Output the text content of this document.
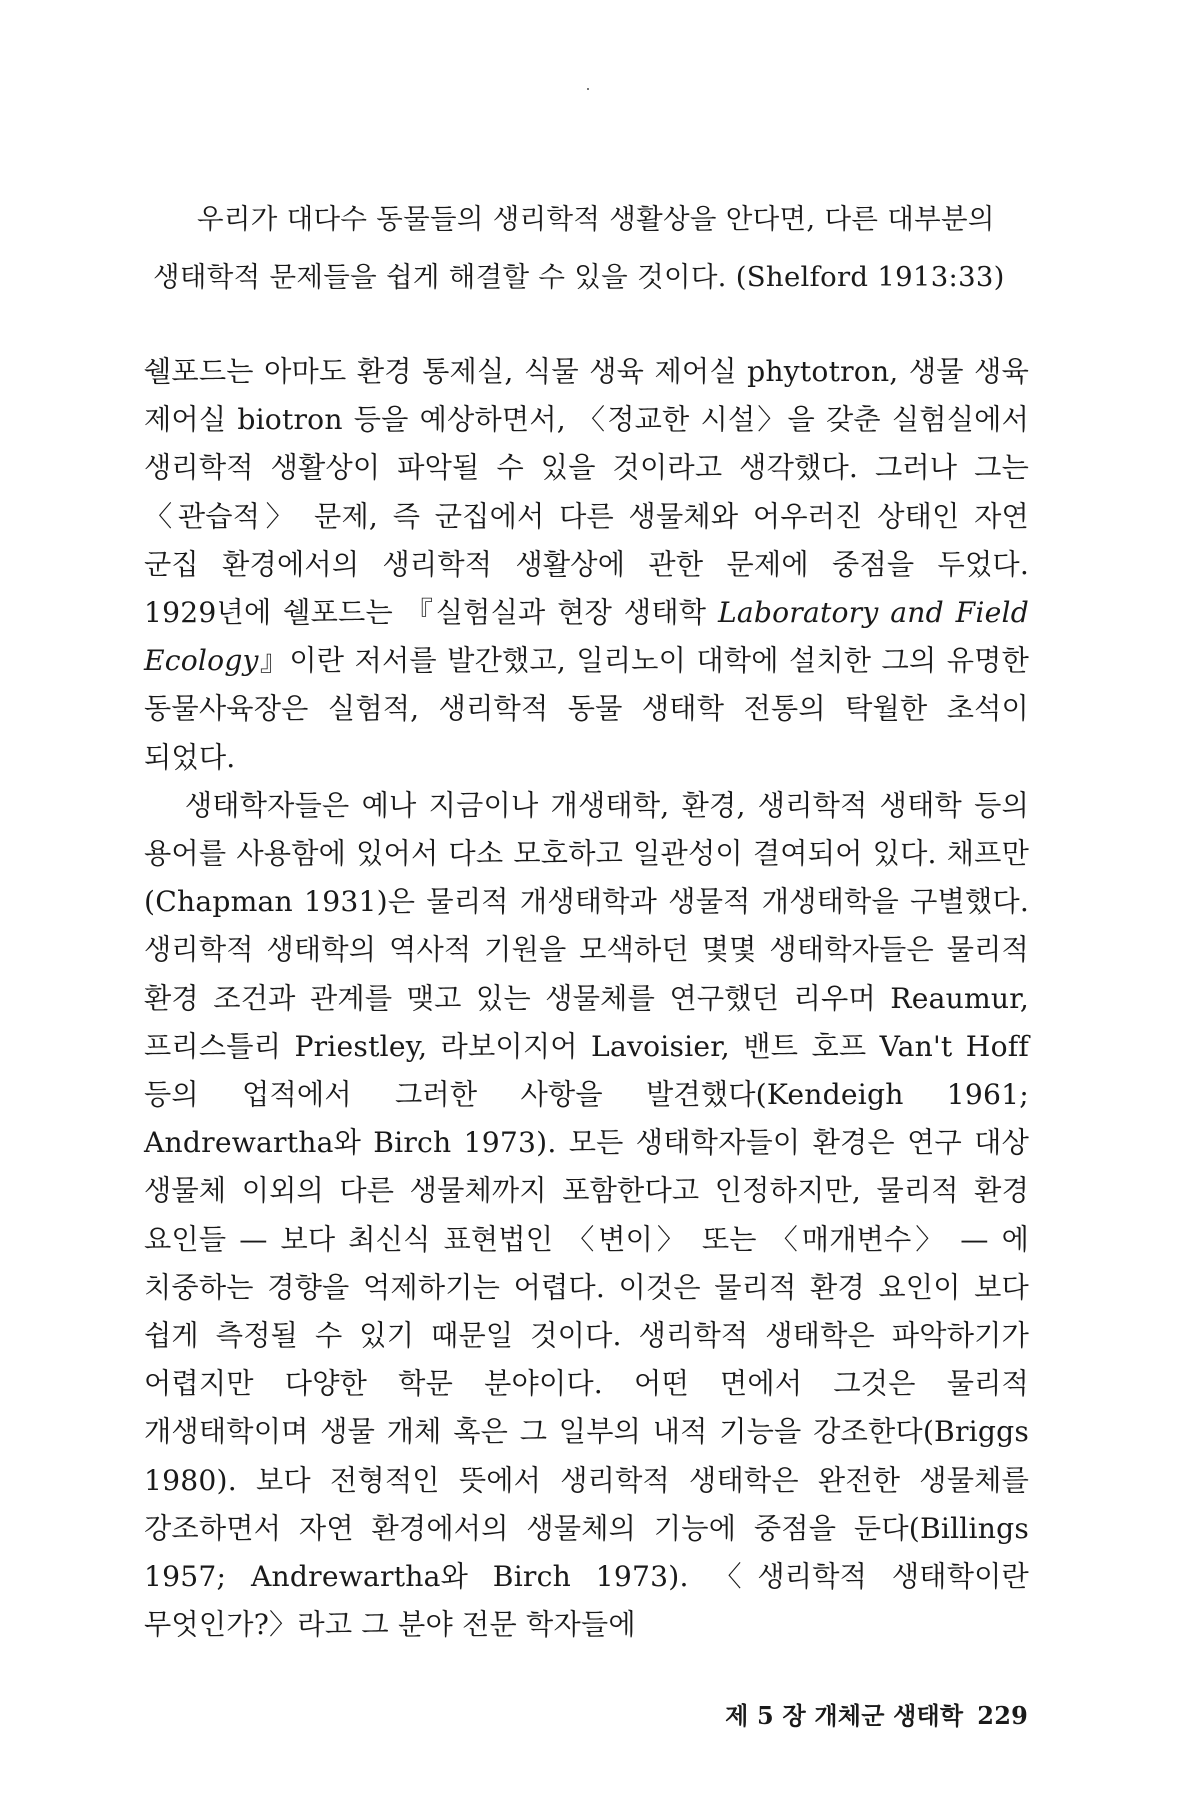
우리가 대다수 동물들의 생리학적 생활상을 안다면, 다른 대부분의 생태학적 문제들을 쉽게 해결할 수 있을 것이다. (Shelford 1913:33)

쉘포드는 아마도 환경 통제실, 식물 생육 제어실 phytotron, 생물 생육 제어실 biotron 등을 예상하면서, 〈정교한 시설〉을 갖춘 실험실에서 생리학적 생활상이 파악될 수 있을 것이라고 생각했다. 그러나 그는 〈관습적〉 문제, 즉 군집에서 다른 생물체와 어우러진 상태인 자연 군집 환경에서의 생리학적 생활상에 관한 문제에 중점을 두었다. 1929년에 쉘포드는 『실험실과 현장 생태학 Laboratory and Field Ecology』이란 저서를 발간했고, 일리노이 대학에 설치한 그의 유명한 동물사육장은 실험적, 생리학적 동물 생태학 전통의 탁월한 초석이 되었다.

생태학자들은 예나 지금이나 개생태학, 환경, 생리학적 생태학 등의 용어를 사용함에 있어서 다소 모호하고 일관성이 결여되어 있다. 채프만(Chapman 1931)은 물리적 개생태학과 생물적 개생태학을 구별했다. 생리학적 생태학의 역사적 기원을 모색하던 몇몇 생태학자들은 물리적 환경 조건과 관계를 맺고 있는 생물체를 연구했던 리우머 Reaumur, 프리스틀리 Priestley, 라보이지어 Lavoisier, 밴트 호프 Van't Hoff 등의 업적에서 그러한 사항을 발견했다(Kendeigh 1961; Andrewartha와 Birch 1973). 모든 생태학자들이 환경은 연구 대상 생물체 이외의 다른 생물체까지 포함한다고 인정하지만, 물리적 환경 요인들 — 보다 최신식 표현법인 〈변이〉 또는 〈매개변수〉 — 에 치중하는 경향을 억제하기는 어렵다. 이것은 물리적 환경 요인이 보다 쉽게 측정될 수 있기 때문일 것이다. 생리학적 생태학은 파악하기가 어렵지만 다양한 학문 분야이다. 어떤 면에서 그것은 물리적 개생태학이며 생물 개체 혹은 그 일부의 내적 기능을 강조한다(Briggs 1980). 보다 전형적인 뜻에서 생리학적 생태학은 완전한 생물체를 강조하면서 자연 환경에서의 생물체의 기능에 중점을 둔다(Billings 1957; Andrewartha와 Birch 1973). 〈생리학적 생태학이란 무엇인가?〉라고 그 분야 전문 학자들에

제 5 장 개체군 생태학 229
